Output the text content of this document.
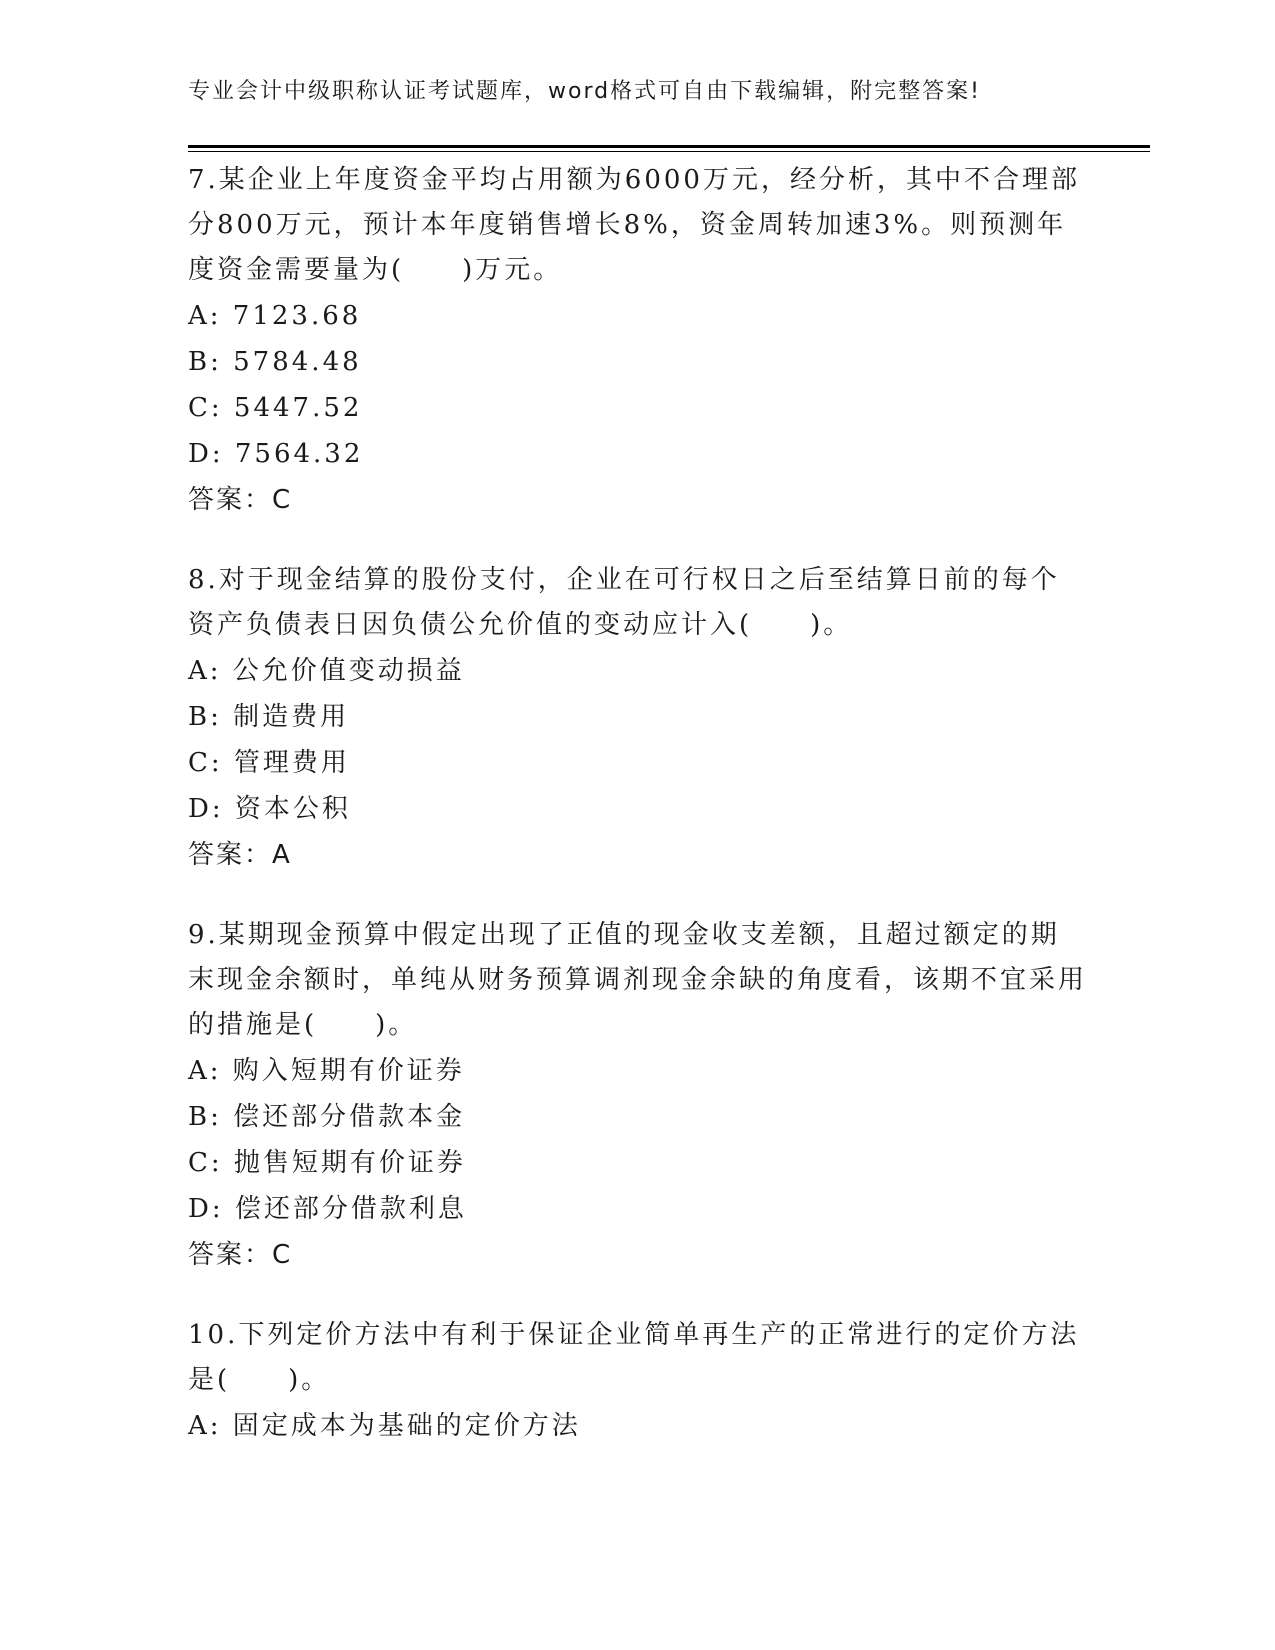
专业会计中级职称认证考试题库，word格式可自由下载编辑，附完整答案!
7.某企业上年度资金平均占用额为6000万元，经分析，其中不合理部分800万元，预计本年度销售增长8%，资金周转加速3%。则预测年度资金需要量为(　　)万元。
A: 7123.68
B: 5784.48
C: 5447.52
D: 7564.32
答案：C
8.对于现金结算的股份支付，企业在可行权日之后至结算日前的每个资产负债表日因负债公允价值的变动应计入(　　)。
A: 公允价值变动损益
B: 制造费用
C: 管理费用
D: 资本公积
答案：A
9.某期现金预算中假定出现了正值的现金收支差额，且超过额定的期末现金余额时，单纯从财务预算调剂现金余缺的角度看，该期不宜采用的措施是(　　)。
A: 购入短期有价证券
B: 偿还部分借款本金
C: 抛售短期有价证券
D: 偿还部分借款利息
答案：C
10.下列定价方法中有利于保证企业简单再生产的正常进行的定价方法是(　　)。
A: 固定成本为基础的定价方法
